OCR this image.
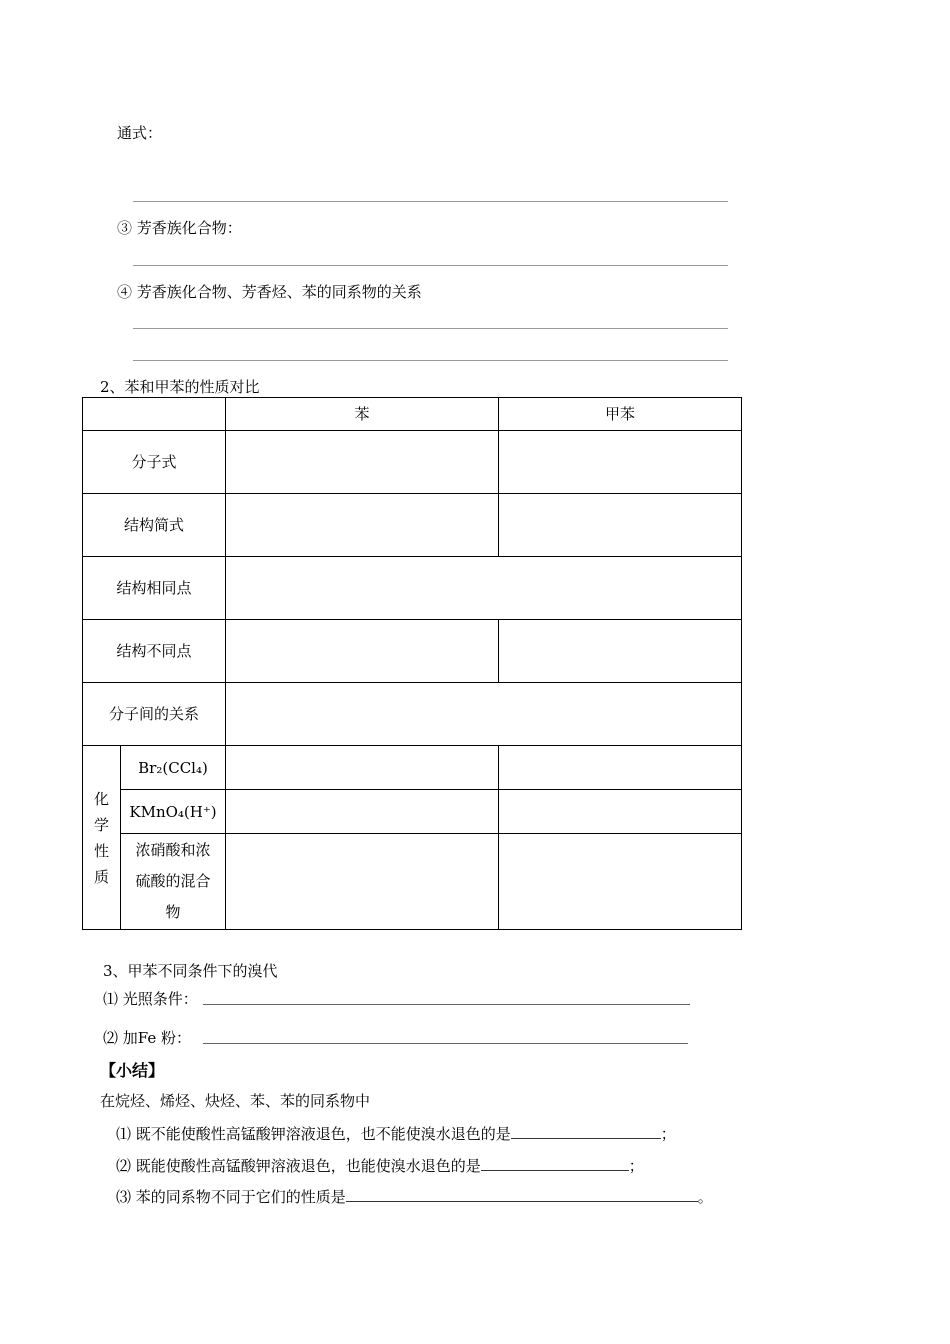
通式：
③ 芳香族化合物：
④ 芳香族化合物、芳香烃、苯的同系物的关系
2、苯和甲苯的性质对比
		苯	甲苯
分子式			
结构简式			
结构相同点			
结构不同点			
分子间的关系			

化
学
性
质	Br₂(CCl₄)		
	KMnO₄(H⁺)		

	浓硝酸和浓
硫酸的混合
物		

3、甲苯不同条件下的溴代
⑴ 光照条件：
⑵ 加Fe 粉：
【小结】
在烷烃、烯烃、炔烃、苯、苯的同系物中
⑴ 既不能使酸性高锰酸钾溶液退色，也不能使溴水退色的是	；
⑵ 既能使酸性高锰酸钾溶液退色，也能使溴水退色的是	；
⑶ 苯的同系物不同于它们的性质是	。
